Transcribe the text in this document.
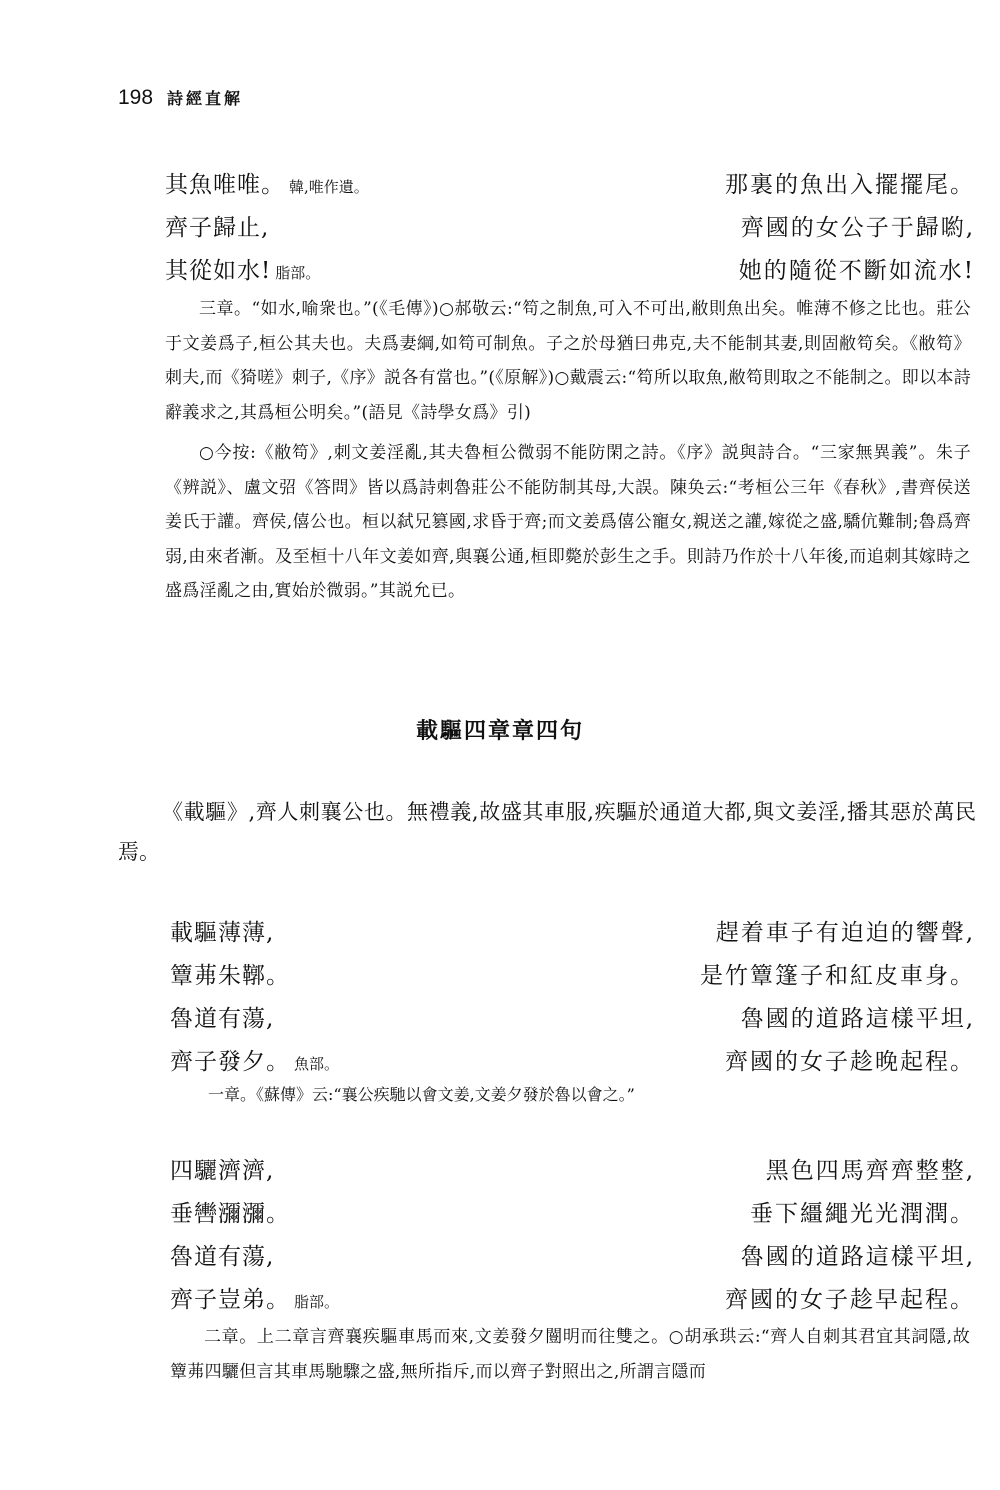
198 詩經直解
其魚唯唯。 韓,唯作遺。	那裏的魚出入擺擺尾。
齊子歸止,	齊國的女公子于歸喲,
其從如水! 脂部。	她的隨從不斷如流水!

三章。“如水,喻衆也。”(《毛傳》)○郝敬云:“笱之制魚,可入不可出,敝則魚出矣。帷薄不修之比也。莊公于文姜爲子,桓公其夫也。夫爲妻綱,如笱可制魚。子之於母猶曰弗克,夫不能制其妻,則固敝笱矣。《敝笱》刺夫,而《猗嗟》刺子,《序》説各有當也。”(《原解》)○戴震云:“笱所以取魚,敝笱則取之不能制之。即以本詩辭義求之,其爲桓公明矣。”(語見《詩學女爲》引)

○今按:《敝笱》,刺文姜淫亂,其夫魯桓公微弱不能防閑之詩。《序》説與詩合。“三家無異義”。朱子《辨説》、盧文弨《答問》皆以爲詩刺魯莊公不能防制其母,大誤。陳奂云:“考桓公三年《春秋》,書齊侯送姜氏于讙。齊侯,僖公也。桓以弑兄篡國,求昏于齊;而文姜爲僖公寵女,親送之讙,嫁從之盛,驕伉難制;魯爲齊弱,由來者漸。及至桓十八年文姜如齊,與襄公通,桓即斃於彭生之手。則詩乃作於十八年後,而追刺其嫁時之盛爲淫亂之由,實始於微弱。”其説允已。

載驅四章章四句

《載驅》,齊人刺襄公也。無禮義,故盛其車服,疾驅於通道大都,與文姜淫,播其惡於萬民焉。

載驅薄薄,	趕着車子有迫迫的響聲,
簟茀朱鞹。	是竹簟篷子和紅皮車身。
魯道有蕩,	魯國的道路這樣平坦,
齊子發夕。 魚部。	齊國的女子趁晚起程。
一章。《蘇傳》云:“襄公疾馳以會文姜,文姜夕發於魯以會之。”
四驪濟濟,	黑色四馬齊齊整整,
垂轡瀰瀰。	垂下繮繩光光潤潤。
魯道有蕩,	魯國的道路這樣平坦,
齊子豈弟。 脂部。	齊國的女子趁早起程。

二章。上二章言齊襄疾驅車馬而來,文姜發夕闓明而往雙之。○胡承珙云:“齊人自刺其君宜其詞隱,故簟茀四驪但言其車馬馳驟之盛,無所指斥,而以齊子對照出之,所謂言隱而
